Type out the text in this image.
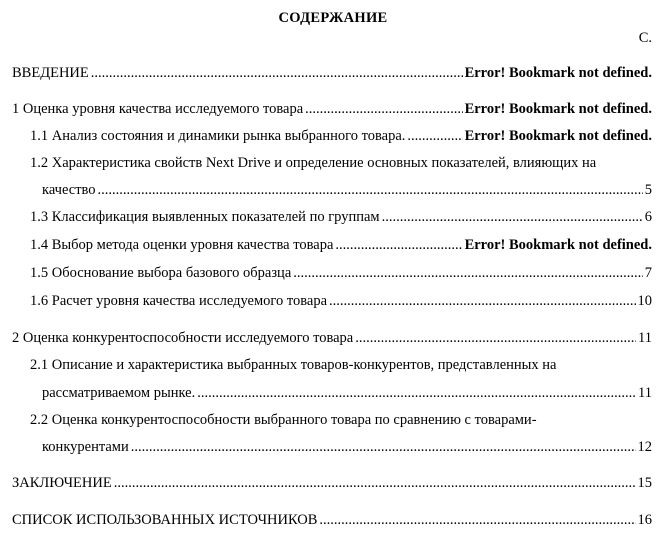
СОДЕРЖАНИЕ
С.
ВВЕДЕНИЕ .....	Error! Bookmark not defined.
1 Оценка уровня качества исследуемого товара .....	Error! Bookmark not defined.
1.1 Анализ состояния и динамики рынка выбранного товара. .....	Error! Bookmark not defined.
1.2 Характеристика свойств Next Drive и определение основных показателей, влияющих на
качество .....	5
1.3 Классификация выявленных показателей по группам .....	6
1.4 Выбор метода оценки уровня качества товара .....	Error! Bookmark not defined.
1.5 Обоснование выбора базового образца .....	7
1.6 Расчет уровня качества исследуемого товара .....	10
2 Оценка конкурентоспособности исследуемого товара .....	11
2.1 Описание и характеристика выбранных товаров-конкурентов, представленных на
рассматриваемом рынке. .....	11
2.2 Оценка конкурентоспособности выбранного товара по сравнению с товарами-
конкурентами .....	12
ЗАКЛЮЧЕНИЕ .....	15
СПИСОК ИСПОЛЬЗОВАННЫХ ИСТОЧНИКОВ .....	16
